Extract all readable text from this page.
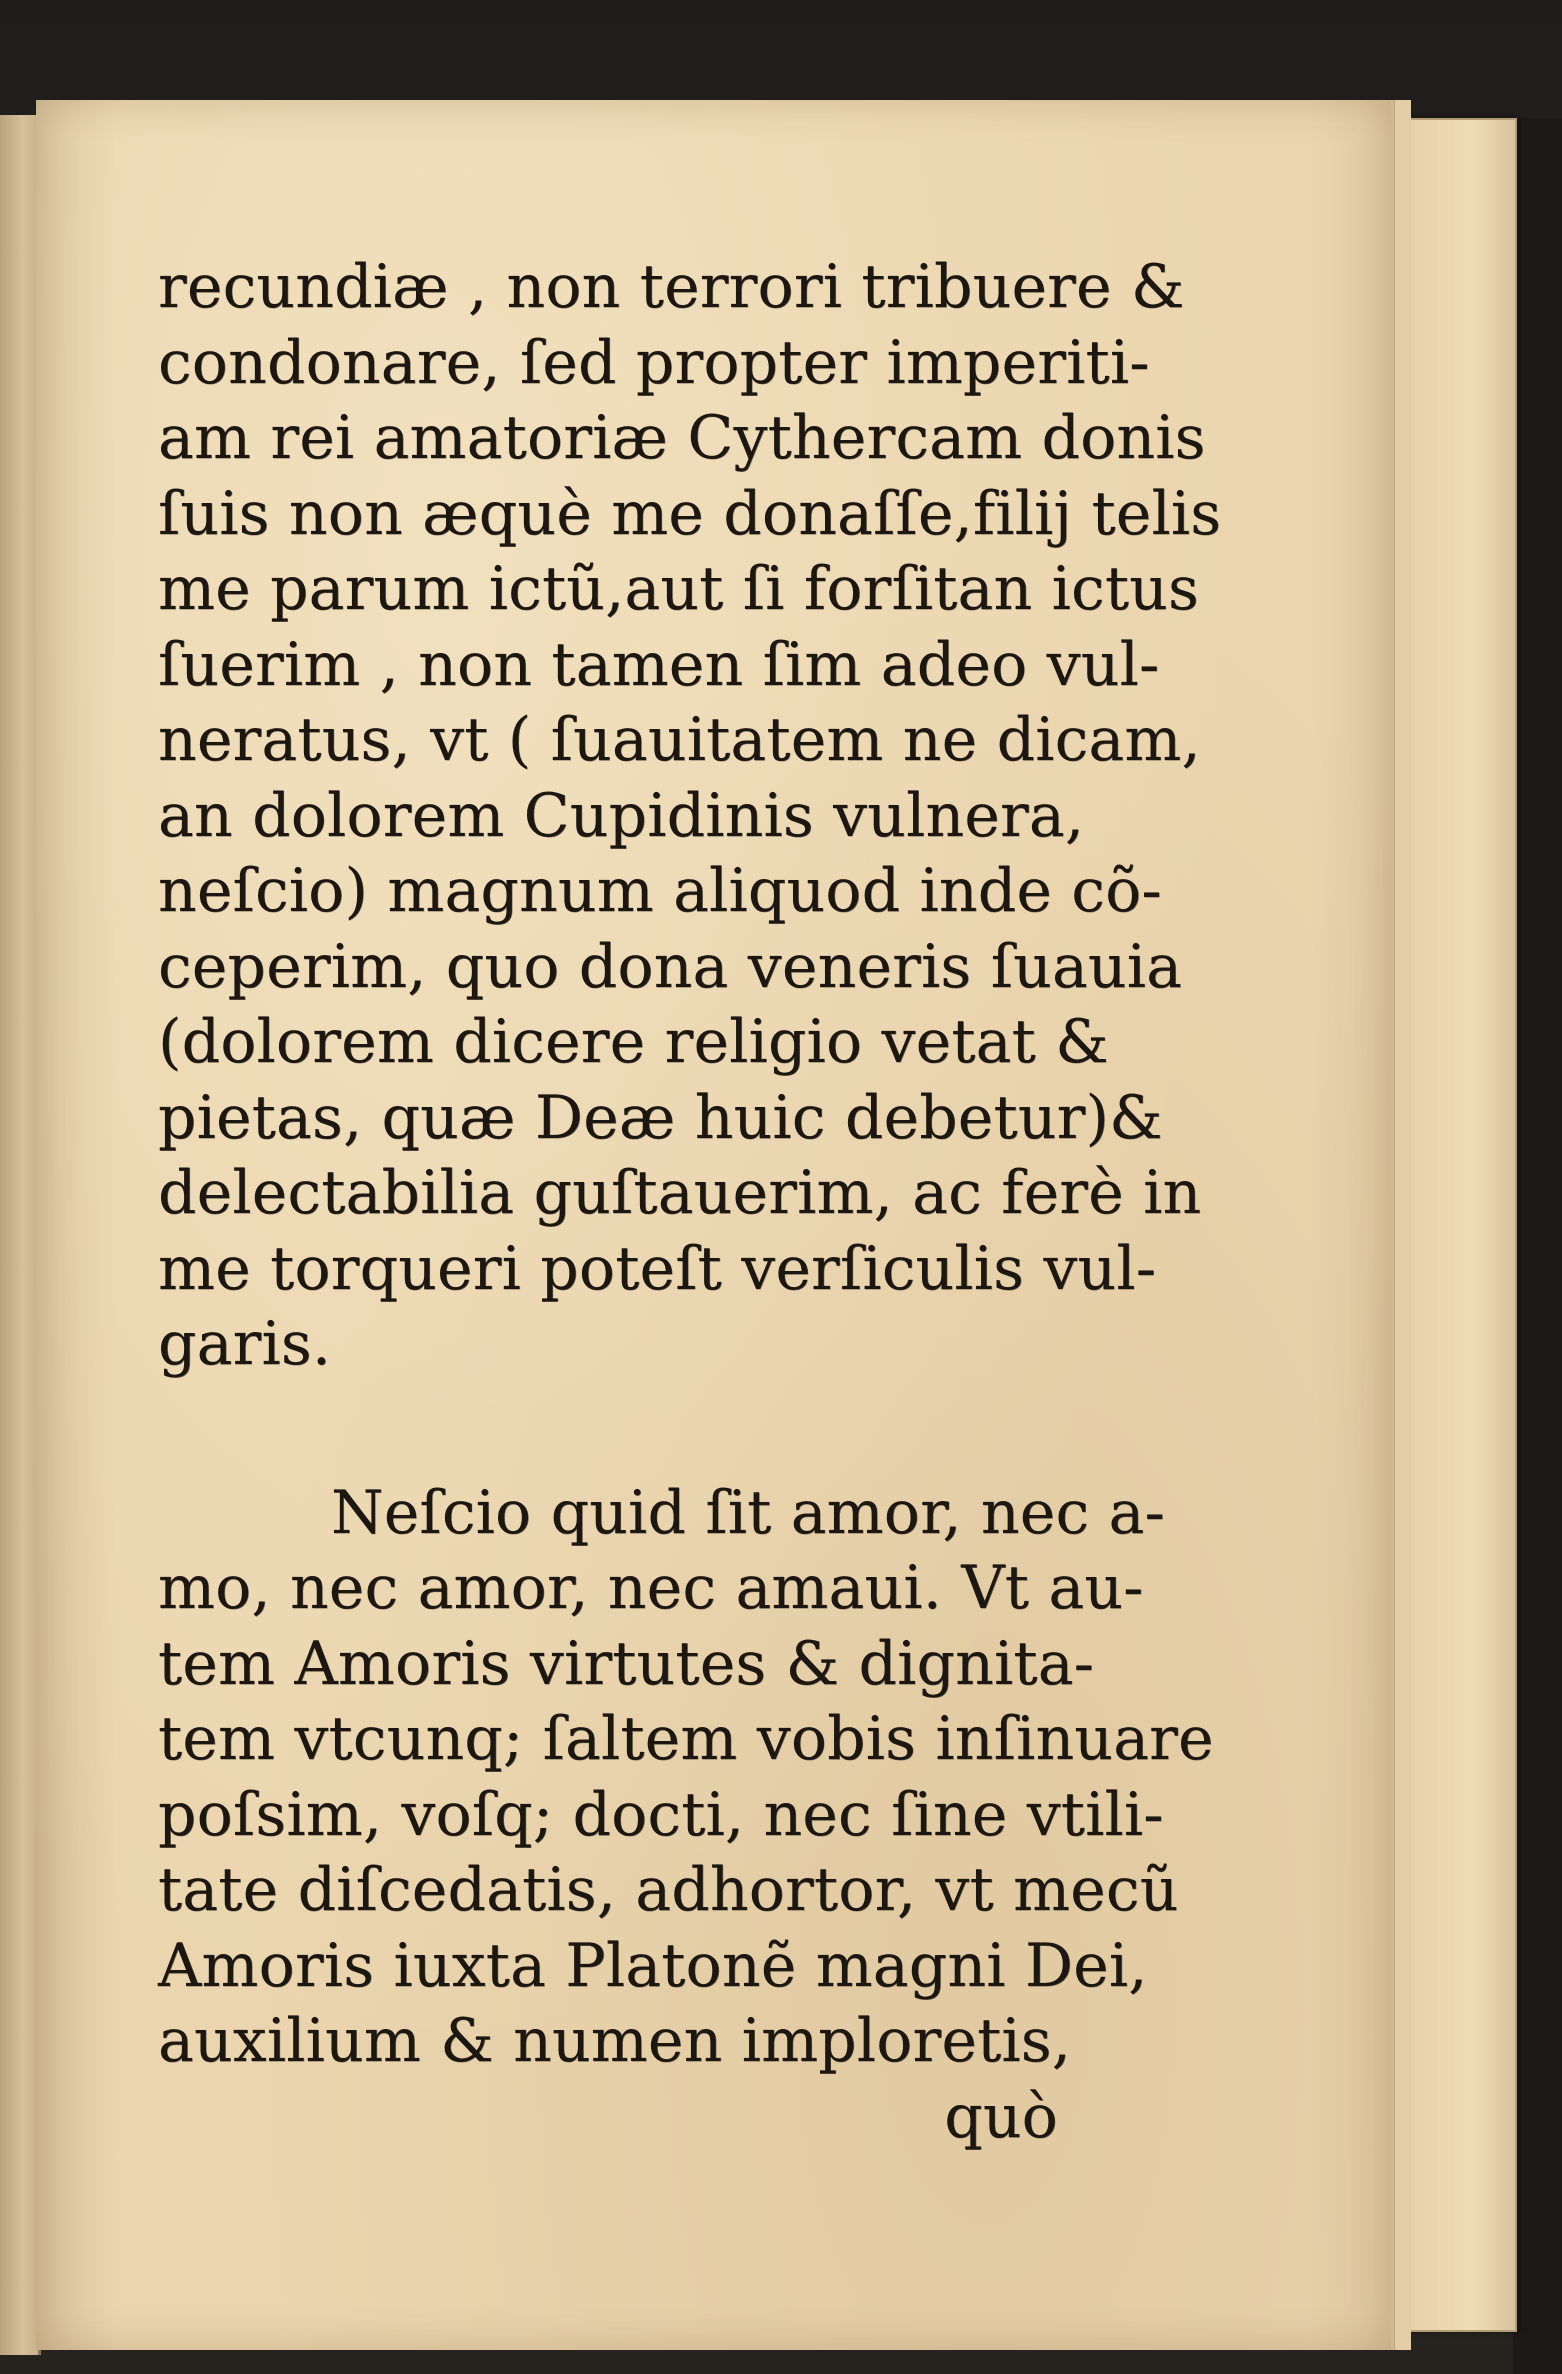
recundiæ , non terrori tribuere &
condonare, ſed propter imperiti-
am rei amatoriæ Cythercam donis
ſuis non æquè me donaſſe,filij telis
me parum ictũ,aut ſi forſitan ictus
ſuerim , non tamen ſim adeo vul-
neratus, vt ( ſuauitatem ne dicam,
an dolorem Cupidinis vulnera,
neſcio) magnum aliquod inde cõ-
ceperim, quo dona veneris ſuauia
(dolorem dicere religio vetat &
pietas, quæ Deæ huic debetur)&
delectabilia guſtauerim, ac ferè in
me torqueri poteſt verſiculis vul-
garis.
Neſcio quid ſit amor, nec a-
mo, nec amor, nec amaui. Vt au-
tem Amoris virtutes & dignita-
tem vtcunq; ſaltem vobis inſinuare
poſsim, voſq; docti, nec ſine vtili-
tate diſcedatis, adhortor, vt mecũ
Amoris iuxta Platonẽ magni Dei,
auxilium & numen imploretis,
quò
